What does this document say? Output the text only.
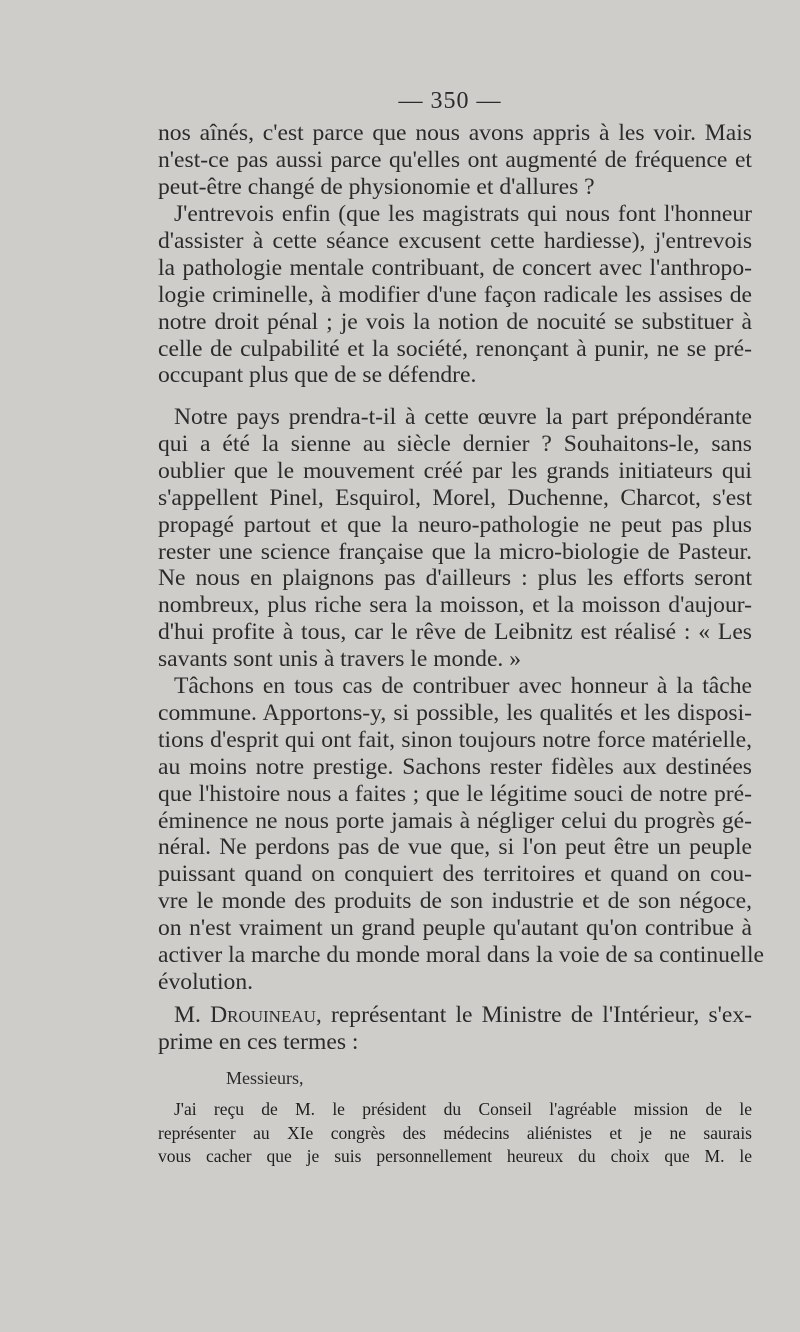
— 350 —
nos aînés, c'est parce que nous avons appris à les voir. Mais
n'est-ce pas aussi parce qu'elles ont augmenté de fréquence et
peut-être changé de physionomie et d'allures ?
J'entrevois enfin (que les magistrats qui nous font l'honneur
d'assister à cette séance excusent cette hardiesse), j'entrevois
la pathologie mentale contribuant, de concert avec l'anthropo-
logie criminelle, à modifier d'une façon radicale les assises de
notre droit pénal ; je vois la notion de nocuité se substituer à
celle de culpabilité et la société, renonçant à punir, ne se pré-
occupant plus que de se défendre.
Notre pays prendra-t-il à cette œuvre la part prépondérante
qui a été la sienne au siècle dernier ? Souhaitons-le, sans
oublier que le mouvement créé par les grands initiateurs qui
s'appellent Pinel, Esquirol, Morel, Duchenne, Charcot, s'est
propagé partout et que la neuro-pathologie ne peut pas plus
rester une science française que la micro-biologie de Pasteur.
Ne nous en plaignons pas d'ailleurs : plus les efforts seront
nombreux, plus riche sera la moisson, et la moisson d'aujour-
d'hui profite à tous, car le rêve de Leibnitz est réalisé : « Les
savants sont unis à travers le monde. »
Tâchons en tous cas de contribuer avec honneur à la tâche
commune. Apportons-y, si possible, les qualités et les disposi-
tions d'esprit qui ont fait, sinon toujours notre force matérielle,
au moins notre prestige. Sachons rester fidèles aux destinées
que l'histoire nous a faites ; que le légitime souci de notre pré-
éminence ne nous porte jamais à négliger celui du progrès gé-
néral. Ne perdons pas de vue que, si l'on peut être un peuple
puissant quand on conquiert des territoires et quand on cou-
vre le monde des produits de son industrie et de son négoce,
on n'est vraiment un grand peuple qu'autant qu'on contribue à
activer la marche du monde moral dans la voie de sa continuelle
évolution.
M. Drouineau, représentant le Ministre de l'Intérieur, s'ex-
prime en ces termes :
Messieurs,
J'ai reçu de M. le président du Conseil l'agréable mission de le
représenter au XIe congrès des médecins aliénistes et je ne saurais
vous cacher que je suis personnellement heureux du choix que M. le
